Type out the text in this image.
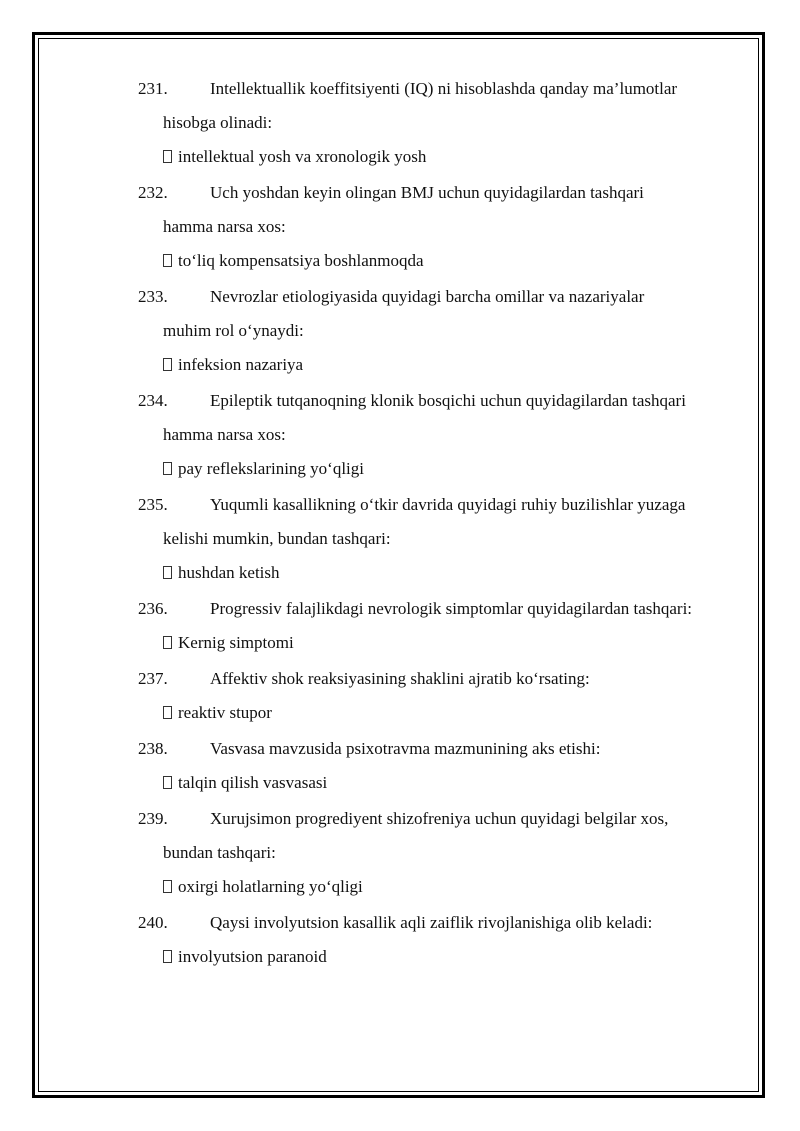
231.	Intellektuallik koeffitsiyenti (IQ) ni hisoblashda qanday ma’lumotlar
hisobga olinadi:
intellektual yosh va xronologik yosh
232.	Uch yoshdan keyin olingan BMJ uchun quyidagilardan tashqari
hamma narsa xos:
to‘liq kompensatsiya boshlanmoqda
233.	Nevrozlar etiologiyasida quyidagi barcha omillar va nazariyalar
muhim rol o‘ynaydi:
infeksion nazariya
234.	Epileptik tutqanoqning klonik bosqichi uchun quyidagilardan tashqari
hamma narsa xos:
pay reflekslarining yo‘qligi
235.	Yuqumli kasallikning o‘tkir davrida quyidagi ruhiy buzilishlar yuzaga
kelishi mumkin, bundan tashqari:
hushdan ketish
236.	Progressiv falajlikdagi nevrologik simptomlar quyidagilardan tashqari:
Kernig simptomi
237.	Affektiv shok reaksiyasining shaklini ajratib ko‘rsating:
reaktiv stupor
238.	Vasvasa mavzusida psixotravma mazmunining aks etishi:
talqin qilish vasvasasi
239.	Xurujsimon progrediyent shizofreniya uchun quyidagi belgilar xos,
bundan tashqari:
oxirgi holatlarning yo‘qligi
240.	Qaysi involyutsion kasallik aqli zaiflik rivojlanishiga olib keladi:
involyutsion paranoid
